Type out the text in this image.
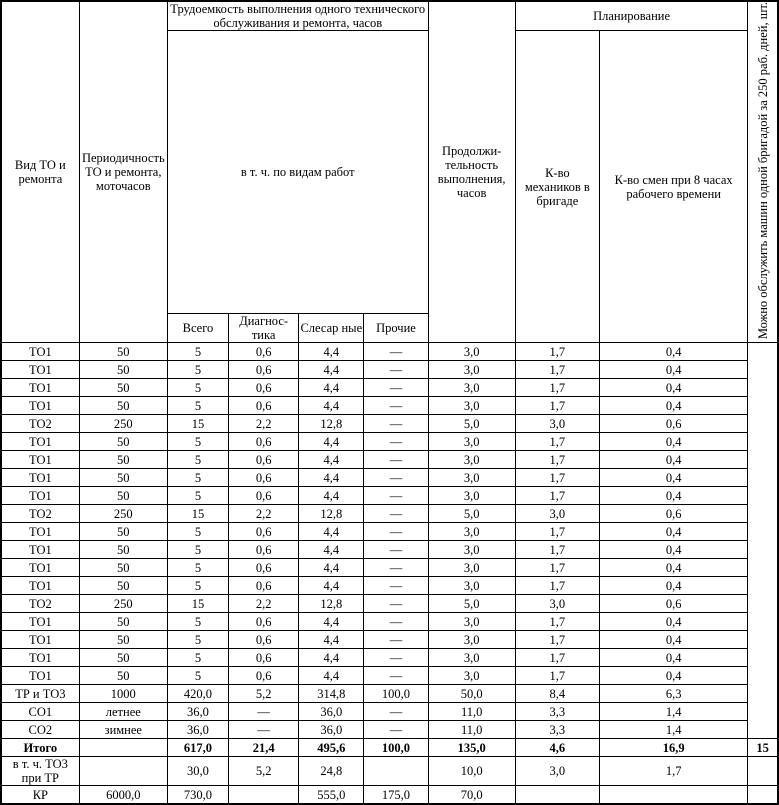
Вид ТО и ремонта	Периодичность ТО и ремонта, моточасов	Трудоемкость выполнения одного технического обслуживания и ремонта, часов				Продолжи-тельность выполнения, часов	Планирование		Можно обслужить машин одной бригадой за 250 раб. дней, шт.
		в т. ч. по видам работ					К-во механиков в бригаде	К-во смен при 8 часах рабочего времени	
		Всего	Диагнос-тика	Слесар ные	Прочие				
ТО1	50	5	0,6	4,4	—	3,0	1,7	0,4	
ТО1	50	5	0,6	4,4	—	3,0	1,7	0,4	
ТО1	50	5	0,6	4,4	—	3,0	1,7	0,4	
ТО1	50	5	0,6	4,4	—	3,0	1,7	0,4	
ТО2	250	15	2,2	12,8	—	5,0	3,0	0,6	
ТО1	50	5	0,6	4,4	—	3,0	1,7	0,4	
ТО1	50	5	0,6	4,4	—	3,0	1,7	0,4	
ТО1	50	5	0,6	4,4	—	3,0	1,7	0,4	
ТО1	50	5	0,6	4,4	—	3,0	1,7	0,4	
ТО2	250	15	2,2	12,8	—	5,0	3,0	0,6	
ТО1	50	5	0,6	4,4	—	3,0	1,7	0,4	
ТО1	50	5	0,6	4,4	—	3,0	1,7	0,4	
ТО1	50	5	0,6	4,4	—	3,0	1,7	0,4	
ТО1	50	5	0,6	4,4	—	3,0	1,7	0,4	
ТО2	250	15	2,2	12,8	—	5,0	3,0	0,6	
ТО1	50	5	0,6	4,4	—	3,0	1,7	0,4	
ТО1	50	5	0,6	4,4	—	3,0	1,7	0,4	
ТО1	50	5	0,6	4,4	—	3,0	1,7	0,4	
ТО1	50	5	0,6	4,4	—	3,0	1,7	0,4	
ТР и ТО3	1000	420,0	5,2	314,8	100,0	50,0	8,4	6,3	
СО1	летнее	36,0	—	36,0	—	11,0	3,3	1,4	
СО2	зимнее	36,0	—	36,0	—	11,0	3,3	1,4	
Итого		617,0	21,4	495,6	100,0	135,0	4,6	16,9	15
в т. ч. ТО3 при ТР		30,0	5,2	24,8		10,0	3,0	1,7	
КР	6000,0	730,0		555,0	175,0	70,0			
